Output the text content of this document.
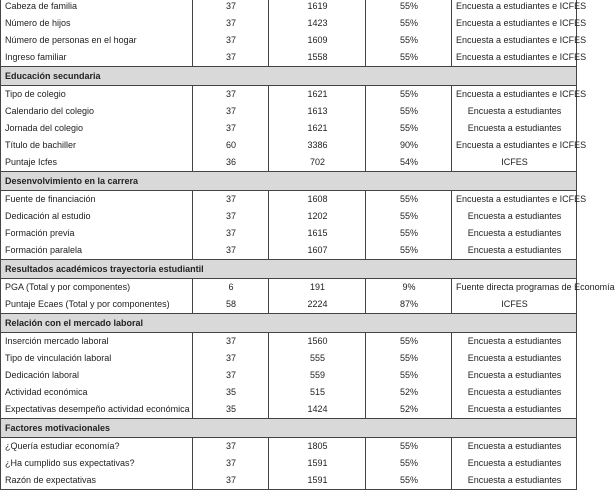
Cabeza de familia	37	1619	55%	Encuesta a estudiantes e ICFES
Número de hijos	37	1423	55%	Encuesta a estudiantes e ICFES
Número de personas en el hogar	37	1609	55%	Encuesta a estudiantes e ICFES
Ingreso familiar	37	1558	55%	Encuesta a estudiantes e ICFES
Educación secundaria				
Tipo de colegio	37	1621	55%	Encuesta a estudiantes e ICFES
Calendario del colegio	37	1613	55%	Encuesta a estudiantes
Jornada del colegio	37	1621	55%	Encuesta a estudiantes
Título de bachiller	60	3386	90%	Encuesta a estudiantes e ICFES
Puntaje Icfes	36	702	54%	ICFES
Desenvolvimiento en la carrera				
Fuente de financiación	37	1608	55%	Encuesta a estudiantes e ICFES
Dedicación al estudio	37	1202	55%	Encuesta a estudiantes
Formación previa	37	1615	55%	Encuesta a estudiantes
Formación paralela	37	1607	55%	Encuesta a estudiantes
Resultados académicos trayectoria estudiantil				
PGA (Total y por componentes)	6	191	9%	Fuente directa programas de Economía
Puntaje Ecaes (Total y por componentes)	58	2224	87%	ICFES
Relación con el mercado laboral				
Inserción mercado laboral	37	1560	55%	Encuesta a estudiantes
Tipo de vinculación laboral	37	555	55%	Encuesta a estudiantes
Dedicación laboral	37	559	55%	Encuesta a estudiantes
Actividad económica	35	515	52%	Encuesta a estudiantes
Expectativas desempeño actividad económica	35	1424	52%	Encuesta a estudiantes
Factores motivacionales				
¿Quería estudiar economía?	37	1805	55%	Encuesta a estudiantes
¿Ha cumplido sus expectativas?	37	1591	55%	Encuesta a estudiantes
Razón de expectativas	37	1591	55%	Encuesta a estudiantes
